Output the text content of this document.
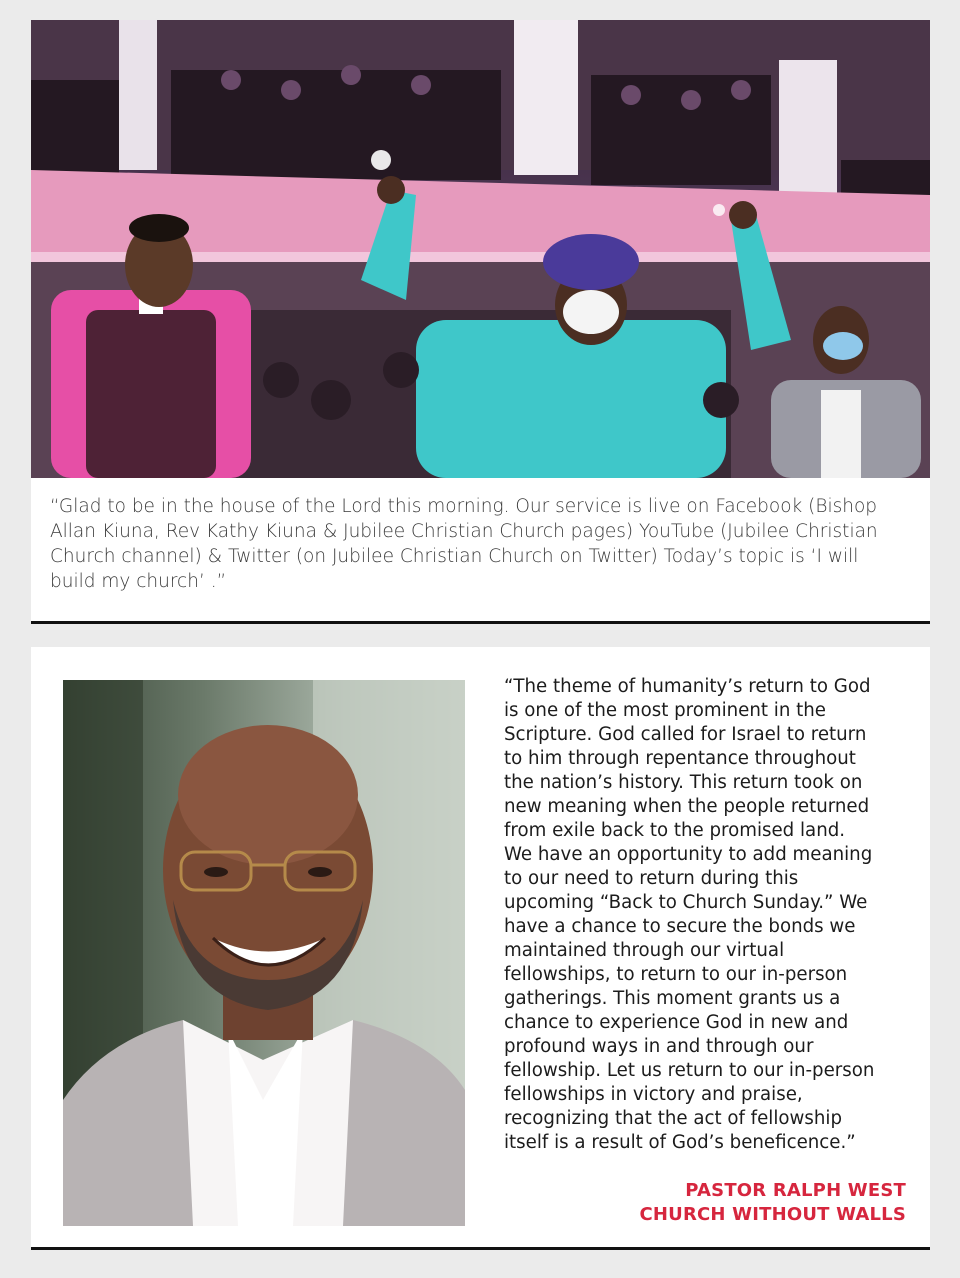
“Glad to be in the house of the Lord this morning. Our service is live on Facebook (Bishop Allan Kiuna, Rev Kathy Kiuna & Jubilee Christian Church pages) YouTube (Jubilee Christian Church channel) & Twitter (on Jubilee Christian Church on Twitter) Today’s topic is ‘I will build my church’ .”

“The theme of humanity’s return to God
is one of the most prominent in the
Scripture. God called for Israel to return
to him through repentance throughout
the nation’s history. This return took on
new meaning when the people returned
from exile back to the promised land.
We have an opportunity to add meaning
to our need to return during this
upcoming “Back to Church Sunday.” We
have a chance to secure the bonds we
maintained through our virtual
fellowships, to return to our in-person
gatherings. This moment grants us a
chance to experience God in new and
profound ways in and through our
fellowship. Let us return to our in-person
fellowships in victory and praise,
recognizing that the act of fellowship
itself is a result of God’s beneficence.”

PASTOR RALPH WEST
CHURCH WITHOUT WALLS
